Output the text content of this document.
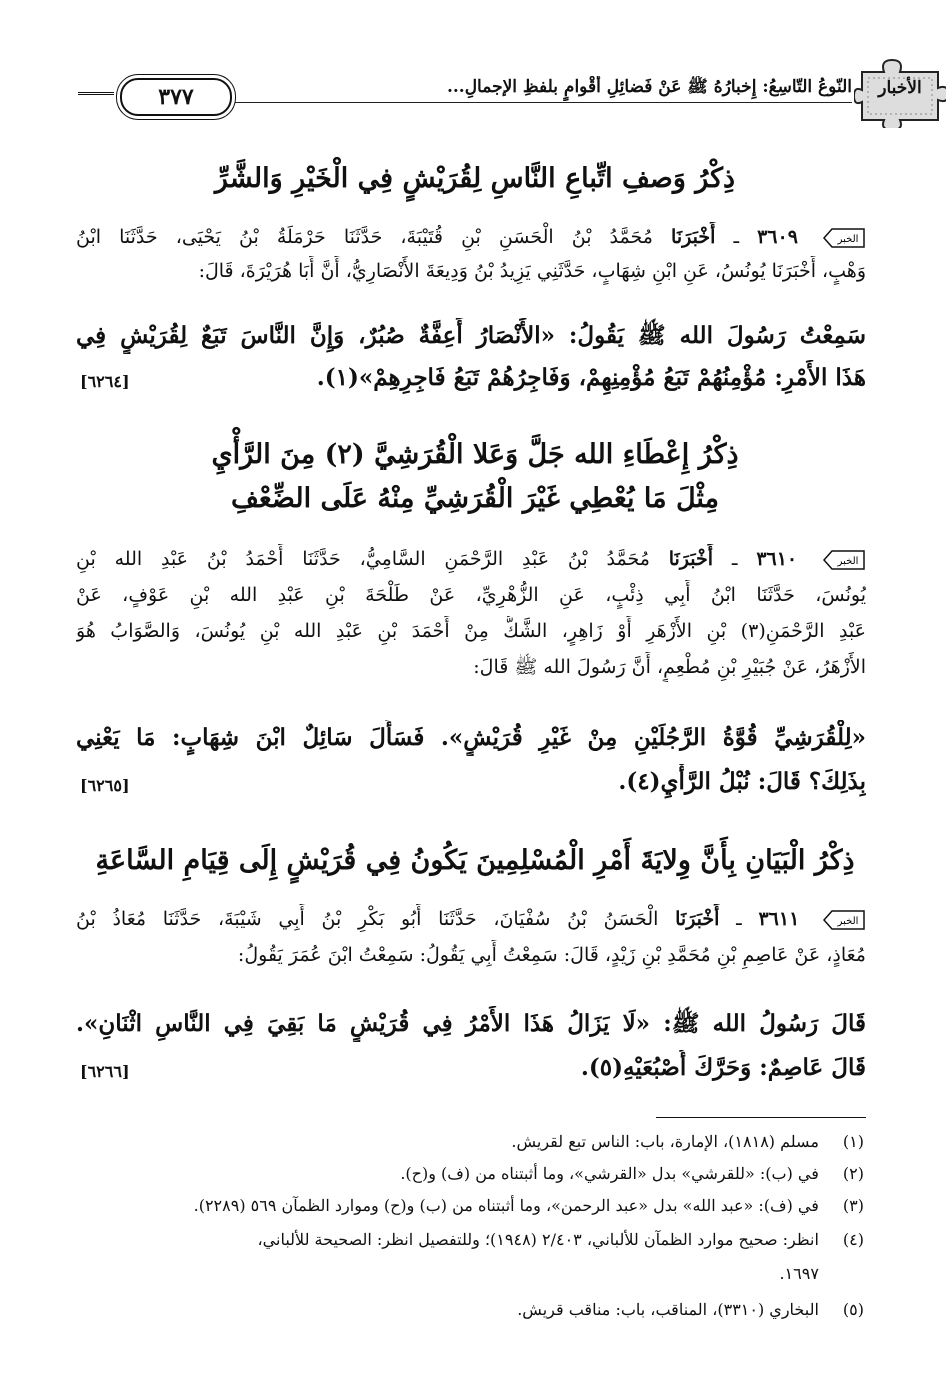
الأخبار
النّوعُ التّاسِعُ: إِخبارُهُ ﷺ عَنْ فَضائِلِ أَقْوامٍ بلفظِ الإجمالِ...
٣٧٧
ذِكْرُ وَصفِ اتِّباعِ النَّاسِ لِقُرَيْشٍ فِي الْخَيْرِ وَالشَّرِّ
الخبر
٣٦٠٩ ـ أَخْبَرَنَا مُحَمَّدُ بْنُ الْحَسَنِ بْنِ قُتَيْبَةَ، حَدَّثَنَا حَرْمَلَةُ بْنُ يَحْيَى، حَدَّثَنَا ابْنُ
وَهْبٍ، أَخْبَرَنَا يُونُسُ، عَنِ ابْنِ شِهَابٍ، حَدَّثَنِي يَزِيدُ بْنُ وَدِيعَةَ الأَنْصَارِيُّ، أَنَّ أَبَا هُرَيْرَةَ، قَالَ:
سَمِعْتُ رَسُولَ الله ﷺ يَقُولُ: «الأَنْصَارُ أَعِفَّةٌ صُبُرٌ، وَإِنَّ النَّاسَ تَبَعٌ لِقُرَيْشٍ فِي
هَذَا الأَمْرِ: مُؤْمِنُهُمْ تَبَعُ مُؤْمِنِهِمْ، وَفَاجِرُهُمْ تَبَعُ فَاجِرِهِمْ»(١).
[٦٢٦٤]
ذِكْرُ إِعْطَاءِ الله جَلَّ وَعَلا الْقُرَشِيَّ (٢) مِنَ الرَّأْيِ
مِثْلَ مَا يُعْطِي غَيْرَ الْقُرَشِيِّ مِنْهُ عَلَى الضِّعْفِ
الخبر
٣٦١٠ ـ أَخْبَرَنَا مُحَمَّدُ بْنُ عَبْدِ الرَّحْمَنِ السَّامِيُّ، حَدَّثَنَا أَحْمَدُ بْنُ عَبْدِ الله بْنِ
يُونُسَ، حَدَّثَنَا ابْنُ أَبِي ذِئْبٍ، عَنِ الزُّهْرِيِّ، عَنْ طَلْحَةَ بْنِ عَبْدِ الله بْنِ عَوْفٍ، عَنْ
عَبْدِ الرَّحْمَنِ(٣) بْنِ الأَزْهَرِ أَوْ زَاهِرٍ، الشَّكُّ مِنْ أَحْمَدَ بْنِ عَبْدِ الله بْنِ يُونُسَ، وَالصَّوَابُ هُوَ
الأَزْهَرُ، عَنْ جُبَيْرِ بْنِ مُطْعِمٍ، أَنَّ رَسُولَ الله ﷺ قَالَ:
«لِلْقُرَشِيِّ قُوَّةُ الرَّجُلَيْنِ مِنْ غَيْرِ قُرَيْشٍ». فَسَأَلَ سَائِلٌ ابْنَ شِهَابٍ: مَا يَعْنِي
بِذَلِكَ؟ قَالَ: نُبْلُ الرَّأْيِ(٤).
[٦٢٦٥]
ذِكْرُ الْبَيَانِ بِأَنَّ وِلايَةَ أَمْرِ الْمُسْلِمِينَ يَكُونُ فِي قُرَيْشٍ إِلَى قِيَامِ السَّاعَةِ
الخبر
٣٦١١ ـ أَخْبَرَنَا الْحَسَنُ بْنُ سُفْيَانَ، حَدَّثَنَا أَبُو بَكْرِ بْنُ أَبِي شَيْبَةَ، حَدَّثَنَا مُعَاذُ بْنُ
مُعَاذٍ، عَنْ عَاصِمِ بْنِ مُحَمَّدِ بْنِ زَيْدٍ، قَالَ: سَمِعْتُ أَبِي يَقُولُ: سَمِعْتُ ابْنَ عُمَرَ يَقُولُ:
قَالَ رَسُولُ الله ﷺ: «لَا يَزَالُ هَذَا الأَمْرُ فِي قُرَيْشٍ مَا بَقِيَ فِي النَّاسِ اثْنَانِ».
قَالَ عَاصِمٌ: وَحَرَّكَ أُصْبُعَيْهِ(٥).
[٦٢٦٦]
(١) مسلم (١٨١٨)، الإمارة، باب: الناس تبع لقريش.
(٢) في (ب): «للقرشي» بدل «القرشي»، وما أثبتناه من (ف) و(ح).
(٣) في (ف): «عبد الله» بدل «عبد الرحمن»، وما أثبتناه من (ب) و(ح) وموارد الظمآن ٥٦٩ (٢٢٨٩).
(٤) انظر: صحيح موارد الظمآن للألباني، ٢/٤٠٣ (١٩٤٨)؛ وللتفصيل انظر: الصحيحة للألباني،
١٦٩٧.
(٥) البخاري (٣٣١٠)، المناقب، باب: مناقب قريش.
